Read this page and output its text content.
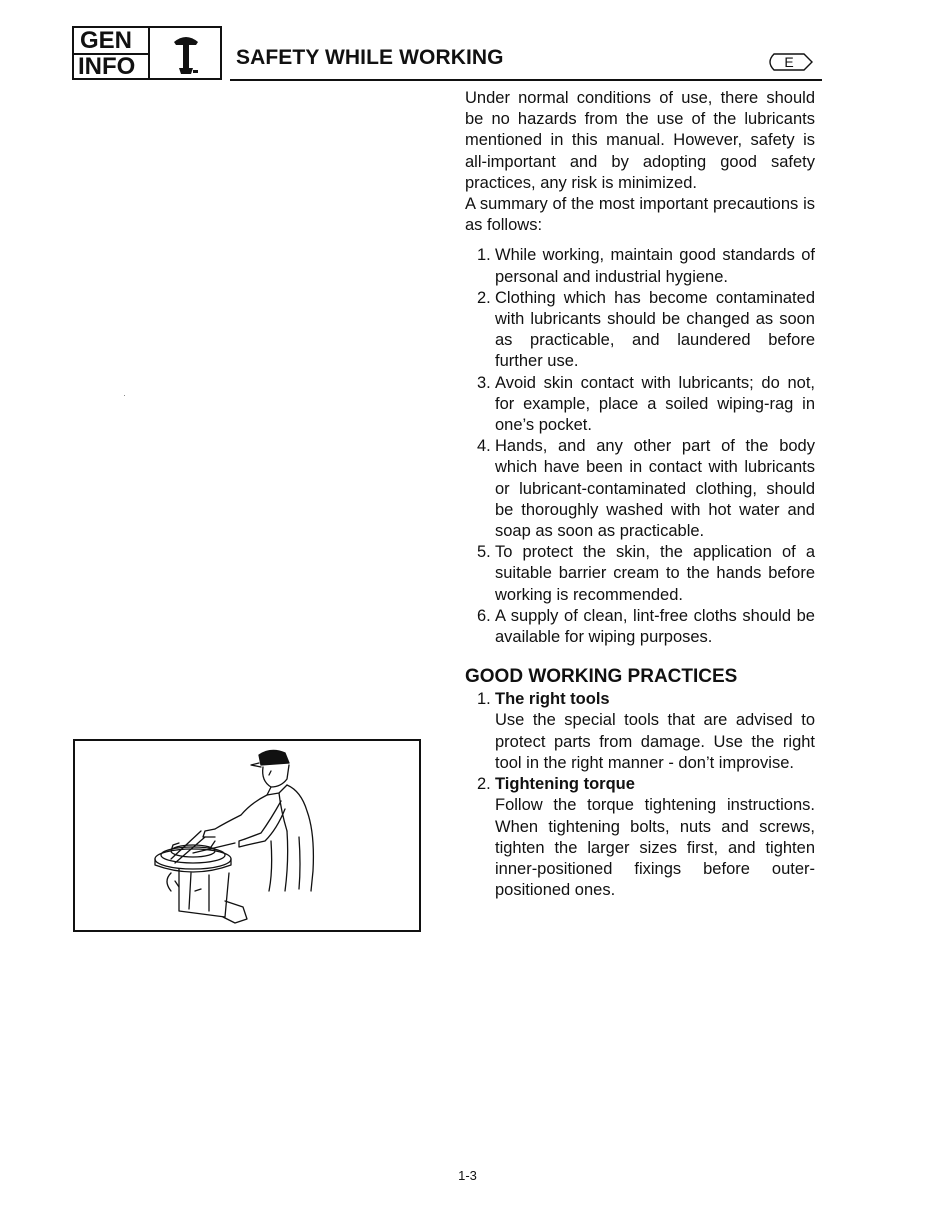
GEN
INFO	SAFETY WHILE WORKING	E

Under normal conditions of use, there should be no hazards from the use of the lubricants mentioned in this manual. However, safety is all-important and by adopting good safety practices, any risk is minimized.

A summary of the most important precautions is as follows:

1. While working, maintain good standards of personal and industrial hygiene.
2. Clothing which has become contaminated with lubricants should be changed as soon as practicable, and laundered before further use.
3. Avoid skin contact with lubricants; do not, for example, place a soiled wiping-rag in one’s pocket.
4. Hands, and any other part of the body which have been in contact with lubricants or lubricant-contaminated clothing, should be thoroughly washed with hot water and soap as soon as practicable.
5. To protect the skin, the application of a suitable barrier cream to the hands before working is recommended.
6. A supply of clean, lint-free cloths should be available for wiping purposes.

GOOD WORKING PRACTICES

1. The right tools
Use the special tools that are advised to protect parts from damage. Use the right tool in the right manner - don’t improvise.
2. Tightening torque
Follow the torque tightening instructions. When tightening bolts, nuts and screws, tighten the larger sizes first, and tighten inner-positioned fixings before outer-positioned ones.
1-3
